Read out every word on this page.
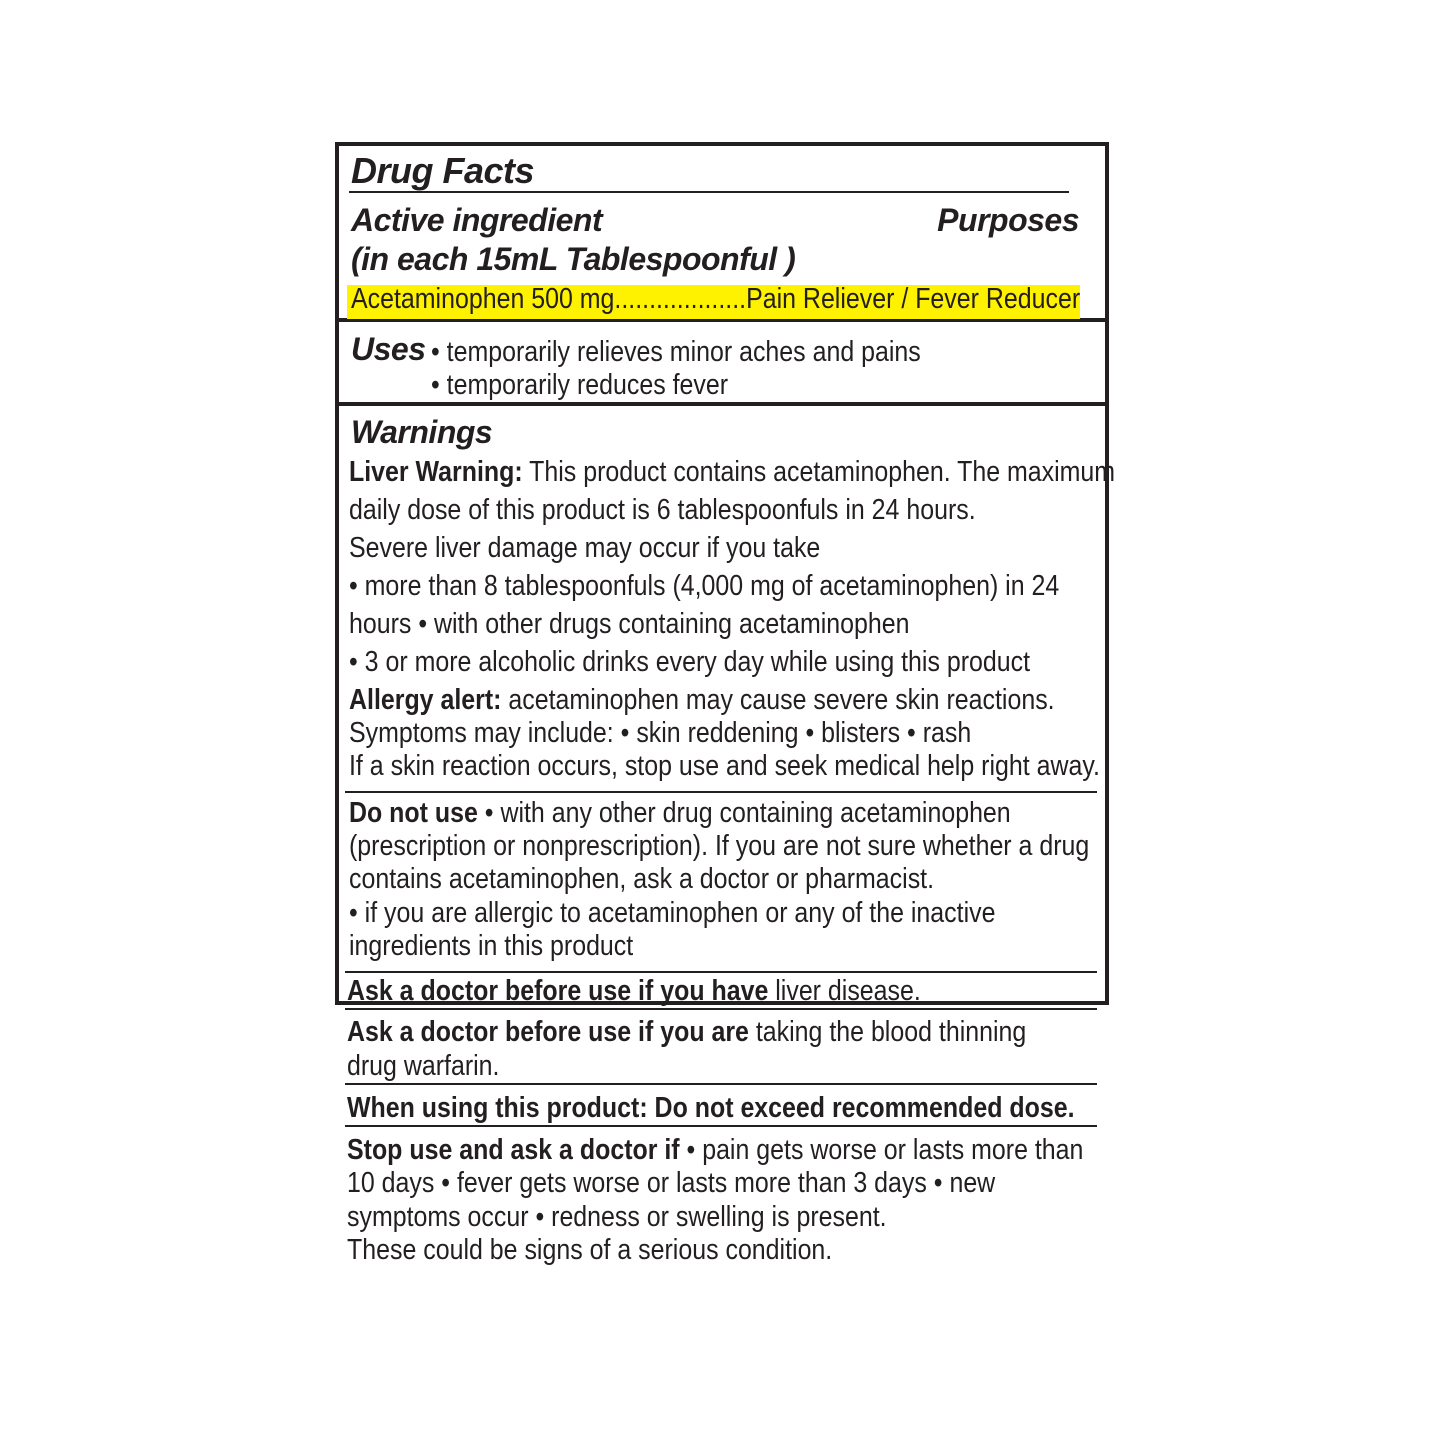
Drug Facts
Active ingredient	Purposes
(in each 15mL Tablespoonful )
Acetaminophen 500 mg...................Pain Reliever / Fever Reducer
Uses • temporarily relieves minor aches and pains
• temporarily reduces fever
Warnings
Liver Warning: This product contains acetaminophen. The maximum
daily dose of this product is 6 tablespoonfuls in 24 hours.
Severe liver damage may occur if you take
• more than 8 tablespoonfuls (4,000 mg of acetaminophen) in 24
hours • with other drugs containing acetaminophen
• 3 or more alcoholic drinks every day while using this product
Allergy alert: acetaminophen may cause severe skin reactions.
Symptoms may include: • skin reddening • blisters • rash
If a skin reaction occurs, stop use and seek medical help right away.
Do not use • with any other drug containing acetaminophen
(prescription or nonprescription). If you are not sure whether a drug
contains acetaminophen, ask a doctor or pharmacist.
• if you are allergic to acetaminophen or any of the inactive
ingredients in this product
Ask a doctor before use if you have liver disease.
Ask a doctor before use if you are taking the blood thinning
drug warfarin.
When using this product: Do not exceed recommended dose.
Stop use and ask a doctor if • pain gets worse or lasts more than
10 days • fever gets worse or lasts more than 3 days • new
symptoms occur • redness or swelling is present.
These could be signs of a serious condition.
